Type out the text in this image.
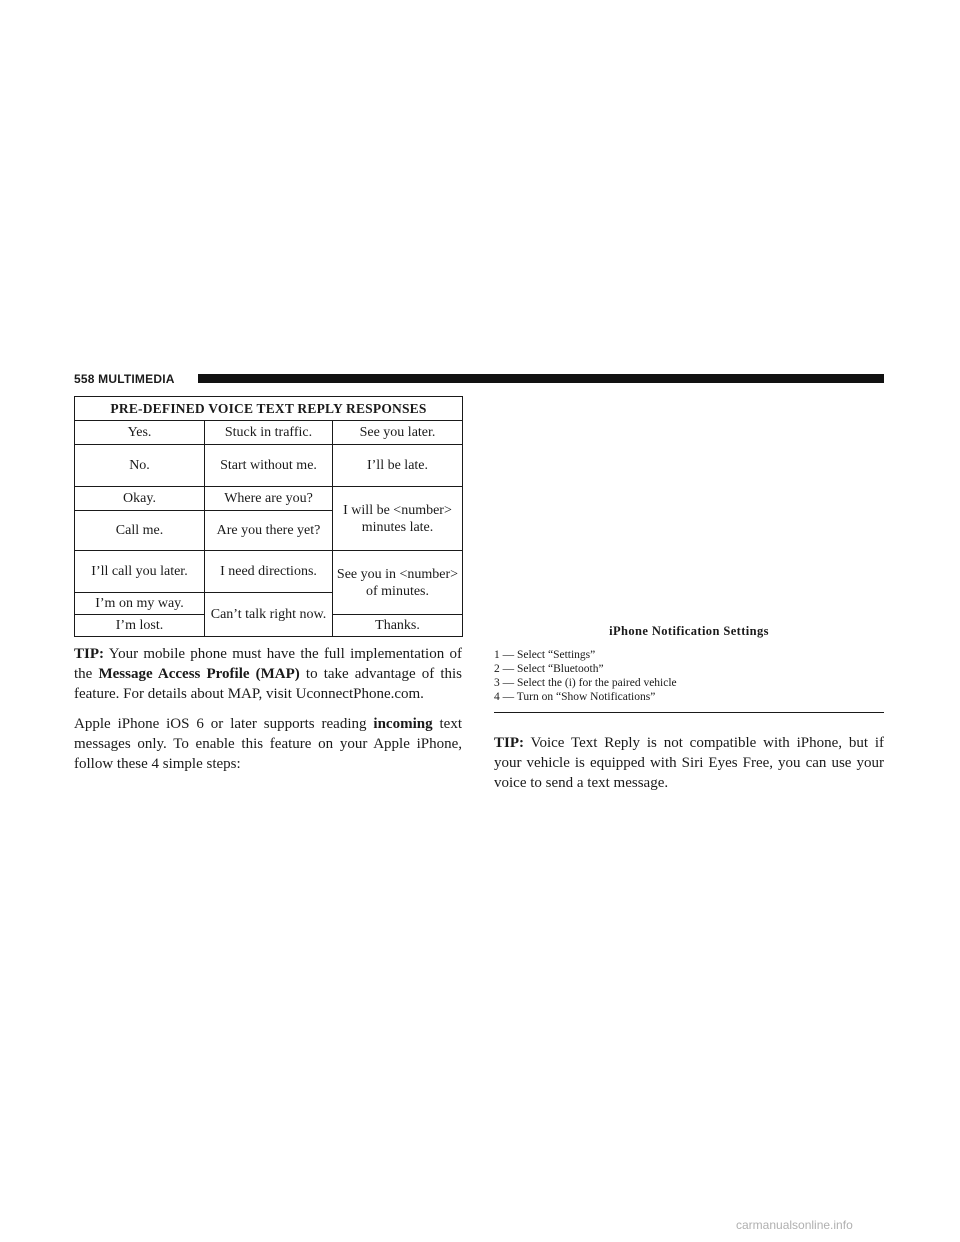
558 MULTIMEDIA
PRE-DEFINED VOICE TEXT REPLY RESPONSES		
Yes.	Stuck in traffic.	See you later.
No.	Start without me.	I’ll be late.
Okay.	Where are you?	I will be <number> minutes late.
Call me.	Are you there yet?	
I’ll call you later.	I need directions.	See you in <number> of minutes.
I’m on my way.	Can’t talk right now.	
I’m lost.		Thanks.

TIP: Your mobile phone must have the full implementation of the Message Access Profile (MAP) to take advantage of this feature. For details about MAP, visit UconnectPhone.com.

Apple iPhone iOS 6 or later supports reading incoming text messages only. To enable this feature on your Apple iPhone, follow these 4 simple steps:

iPhone Notification Settings
1 — Select “Settings”
2 — Select “Bluetooth”
3 — Select the (i) for the paired vehicle
4 — Turn on “Show Notifications”

TIP: Voice Text Reply is not compatible with iPhone, but if your vehicle is equipped with Siri Eyes Free, you can use your voice to send a text message.

carmanualsonline.info
